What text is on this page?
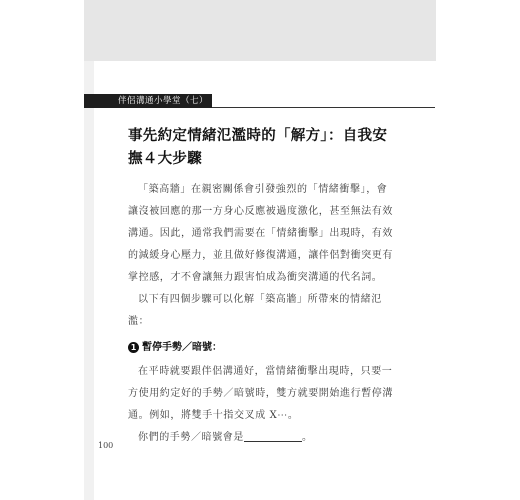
伴侶溝通小學堂（七）
事先約定情緒氾濫時的「解方」：自我安撫４大步驟

「築高牆」在親密關係會引發強烈的「情緒衝擊」，會讓沒被回應的那一方身心反應被過度激化，甚至無法有效溝通。因此，通常我們需要在「情緒衝擊」出現時，有效的減緩身心壓力，並且做好修復溝通，讓伴侶對衝突更有掌控感，才不會讓無力跟害怕成為衝突溝通的代名詞。

以下有四個步驟可以化解「築高牆」所帶來的情緒氾濫：

1 暫停手勢／暗號：

在平時就要跟伴侶溝通好，當情緒衝擊出現時，只要一方使用約定好的手勢／暗號時，雙方就要開始進行暫停溝通。例如，將雙手十指交叉成 X⋯。

你們的手勢／暗號會是	。

100
